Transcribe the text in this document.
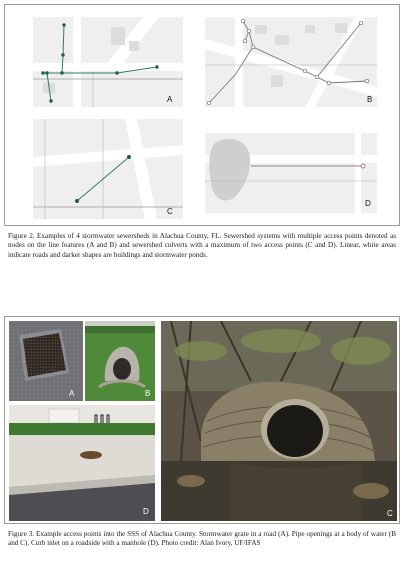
A	B
C
D

Figure 2. Examples of 4 stormwater sewersheds in Alachua County, FL. Sewershed systems with multiple access points denoted as nodes on the line features (A and B) and sewershed culverts with a maximum of two access points (C and D). Linear, white areas indicate roads and darker shapes are buildings and stormwater ponds.

A	B
D	C

Figure 3. Example access points into the SSS of Alachua County. Stormwater grate in a road (A). Pipe openings at a body of water (B and C). Curb inlet on a roadside with a manhole (D). Photo credit: Alan Ivory, UF/IFAS
